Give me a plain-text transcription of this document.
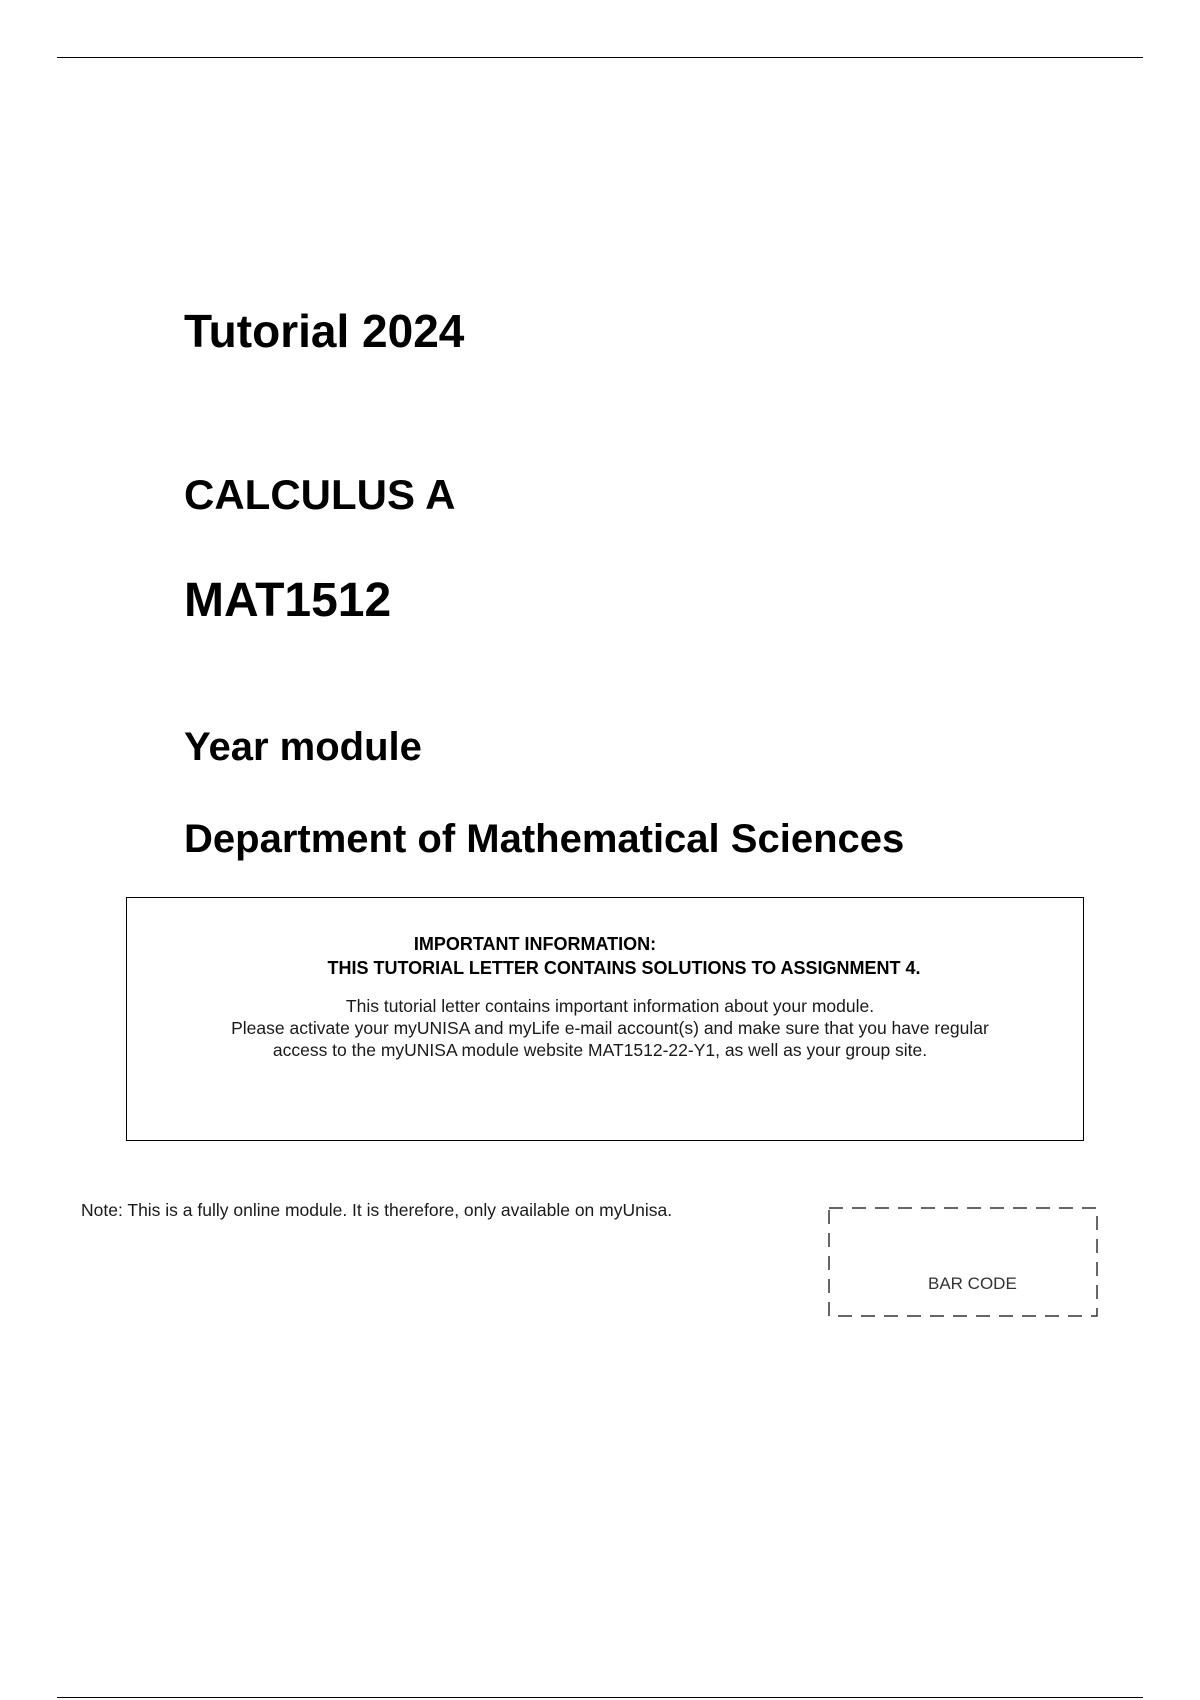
Tutorial 2024
CALCULUS A
MAT1512
Year module
Department of Mathematical Sciences
IMPORTANT INFORMATION:
THIS TUTORIAL LETTER CONTAINS SOLUTIONS TO ASSIGNMENT 4.
This tutorial letter contains important information about your module.
Please activate your myUNISA and myLife e-mail account(s) and make sure that you have regular
access to the myUNISA module website MAT1512-22-Y1, as well as your group site.
Note: This is a fully online module. It is therefore, only available on myUnisa.
BAR CODE
